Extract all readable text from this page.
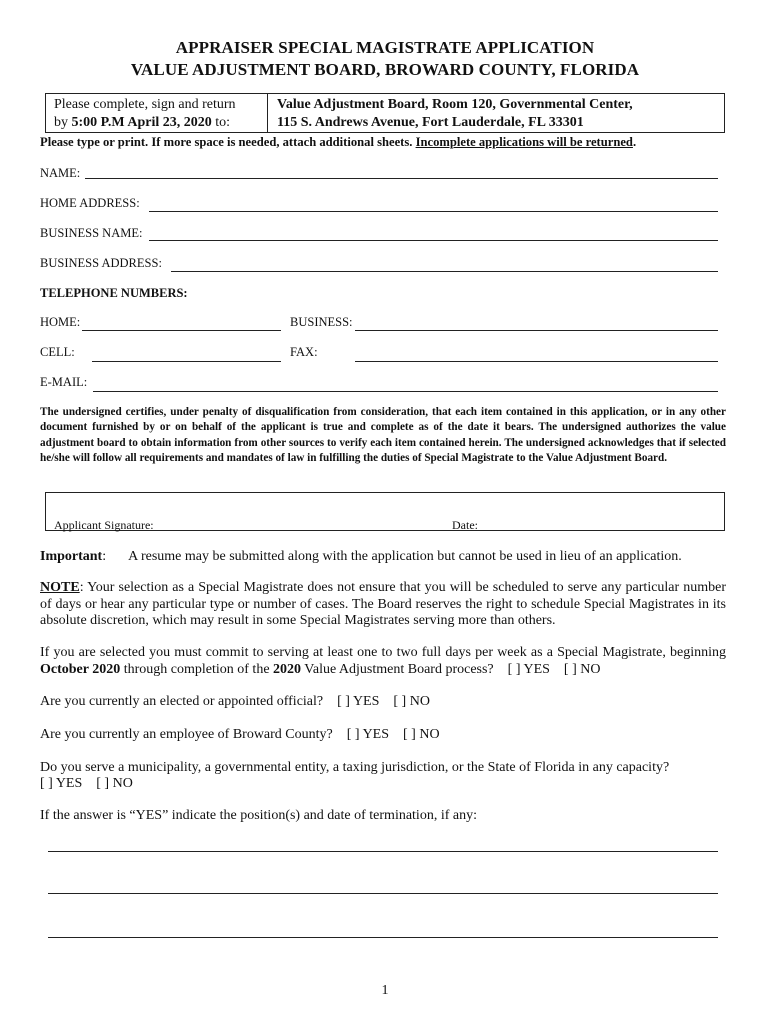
APPRAISER SPECIAL MAGISTRATE APPLICATION
VALUE ADJUSTMENT BOARD, BROWARD COUNTY, FLORIDA
Please complete, sign and return
by 5:00 P.M April 23, 2020 to:
Value Adjustment Board, Room 120, Governmental Center,
115 S. Andrews Avenue, Fort Lauderdale, FL 33301
Please type or print. If more space is needed, attach additional sheets. Incomplete applications will be returned.
NAME:
HOME ADDRESS:
BUSINESS NAME:
BUSINESS ADDRESS:
TELEPHONE NUMBERS:
HOME:	BUSINESS:
CELL:	FAX:
E-MAIL:
The undersigned certifies, under penalty of disqualification from consideration, that each item contained in this application, or in any other document furnished by or on behalf of the applicant is true and complete as of the date it bears. The undersigned authorizes the value adjustment board to obtain information from other sources to verify each item contained herein. The undersigned acknowledges that if selected he/she will follow all requirements and mandates of law in fulfilling the duties of Special Magistrate to the Value Adjustment Board.
Applicant Signature:	Date:
Important: A resume may be submitted along with the application but cannot be used in lieu of an application.
NOTE: Your selection as a Special Magistrate does not ensure that you will be scheduled to serve any particular number of days or hear any particular type or number of cases. The Board reserves the right to schedule Special Magistrates in its absolute discretion, which may result in some Special Magistrates serving more than others.
If you are selected you must commit to serving at least one to two full days per week as a Special Magistrate, beginning October 2020 through completion of the 2020 Value Adjustment Board process? [ ] YES [ ] NO
Are you currently an elected or appointed official? [ ] YES [ ] NO
Are you currently an employee of Broward County? [ ] YES [ ] NO
Do you serve a municipality, a governmental entity, a taxing jurisdiction, or the State of Florida in any capacity?
[ ] YES [ ] NO
If the answer is “YES” indicate the position(s) and date of termination, if any:
1
